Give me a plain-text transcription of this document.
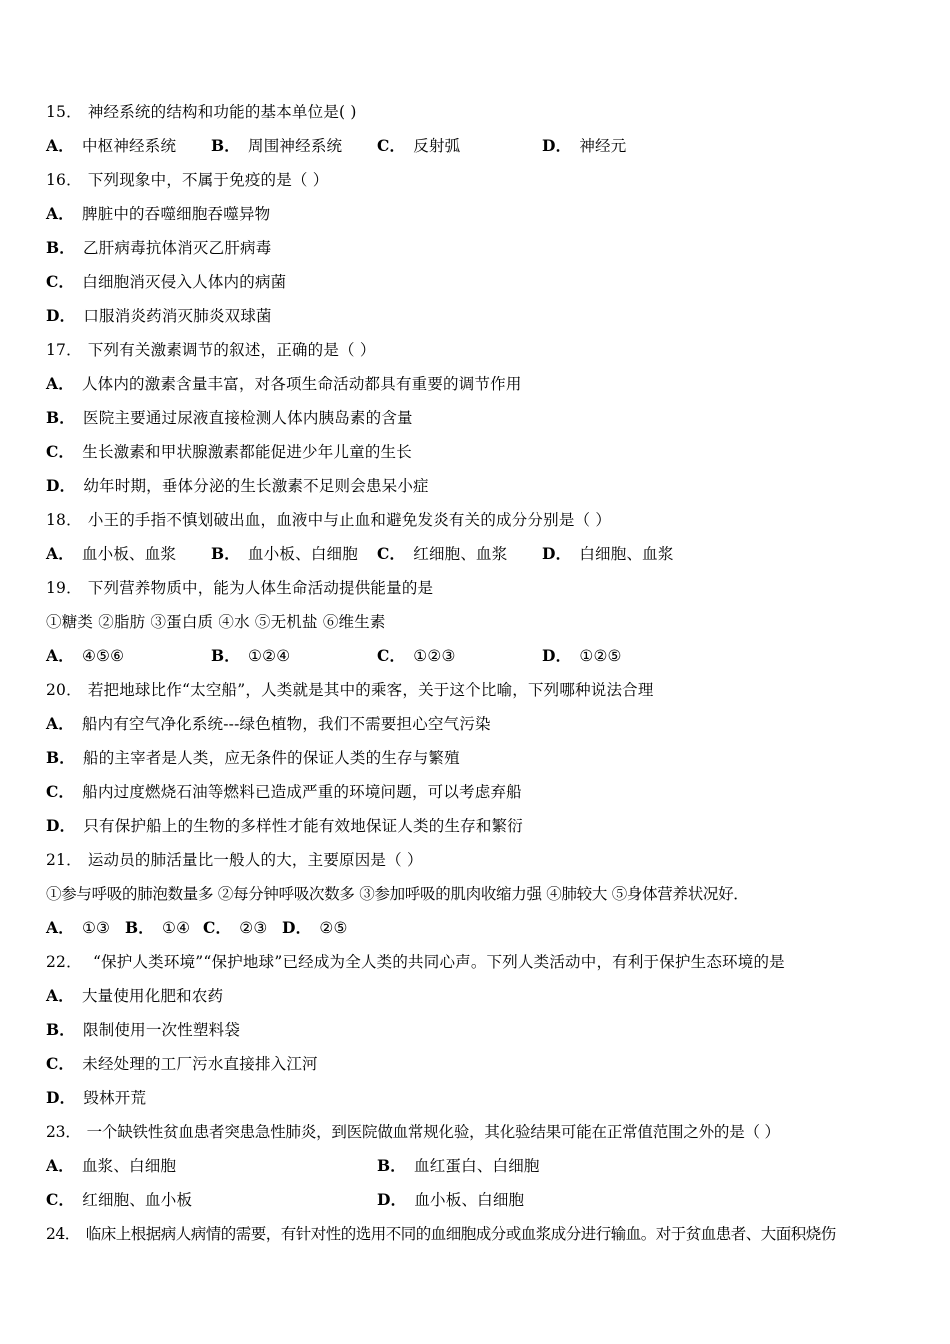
15． 神经系统的结构和功能的基本单位是( )
A． 中枢神经系统 B． 周围神经系统 C． 反射弧	D． 神经元
16． 下列现象中，不属于免疫的是（ ）
A． 脾脏中的吞噬细胞吞噬异物
B． 乙肝病毒抗体消灭乙肝病毒
C． 白细胞消灭侵入人体内的病菌
D． 口服消炎药消灭肺炎双球菌
17． 下列有关激素调节的叙述，正确的是（ ）
A． 人体内的激素含量丰富，对各项生命活动都具有重要的调节作用
B． 医院主要通过尿液直接检测人体内胰岛素的含量
C． 生长激素和甲状腺激素都能促进少年儿童的生长
D． 幼年时期，垂体分泌的生长激素不足则会患呆小症
18． 小王的手指不慎划破出血，血液中与止血和避免发炎有关的成分分别是（ ）
A． 血小板、血浆 B． 血小板、白细胞 C． 红细胞、血浆 D． 白细胞、血浆
19． 下列营养物质中，能为人体生命活动提供能量的是
①糖类 ②脂肪 ③蛋白质 ④水 ⑤无机盐 ⑥维生素
A． ④⑤⑥	B． ①②④	C． ①②③	D． ①②⑤
20． 若把地球比作“太空船”，人类就是其中的乘客，关于这个比喻，下列哪种说法合理
A． 船内有空气净化系统---绿色植物，我们不需要担心空气污染
B． 船的主宰者是人类，应无条件的保证人类的生存与繁殖
C． 船内过度燃烧石油等燃料已造成严重的环境问题，可以考虑弃船
D． 只有保护船上的生物的多样性才能有效地保证人类的生存和繁衍
21． 运动员的肺活量比一般人的大，主要原因是（ ）
①参与呼吸的肺泡数量多 ②每分钟呼吸次数多 ③参加呼吸的肌肉收缩力强 ④肺较大 ⑤身体营养状况好．
A． ①③ B． ①④ C． ②③ D． ②⑤
22． “保护人类环境”“保护地球”已经成为全人类的共同心声。下列人类活动中，有利于保护生态环境的是
A． 大量使用化肥和农药
B． 限制使用一次性塑料袋
C． 未经处理的工厂污水直接排入江河
D． 毁林开荒
23． 一个缺铁性贫血患者突患急性肺炎，到医院做血常规化验，其化验结果可能在正常值范围之外的是（ ）
A． 血浆、白细胞	B． 血红蛋白、白细胞
C． 红细胞、血小板	D． 血小板、白细胞
24． 临床上根据病人病情的需要，有针对性的选用不同的血细胞成分或血浆成分进行输血。对于贫血患者、大面积烧伤
